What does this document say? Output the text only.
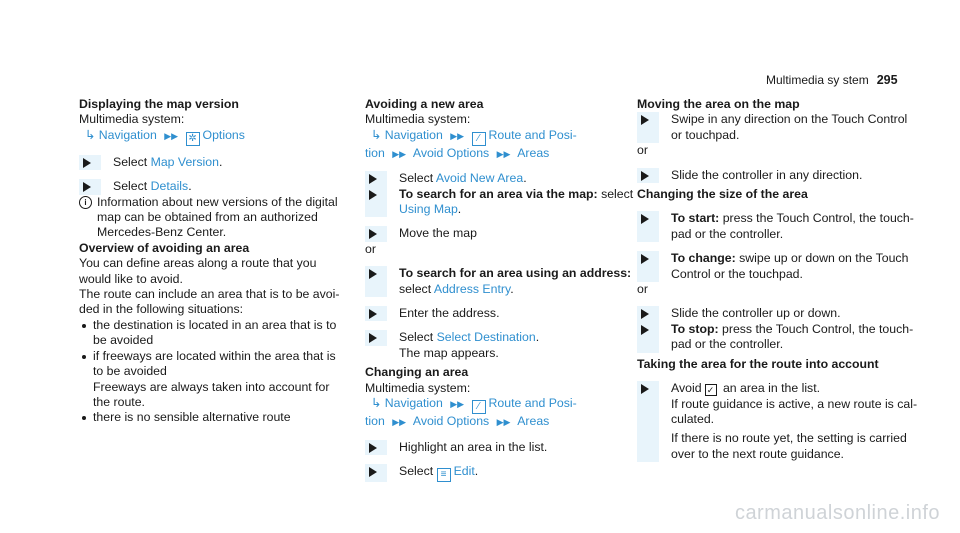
Multimedia sy stem 295
Displaying the map version
Multimedia system:
↳ Navigation ▶▶ ✲ Options
Select Map Version.
Select Details.
i Information about new versions of the digital
map can be obtained from an authorized
Mercedes-Benz Center.
Overview of avoiding an area
You can define areas along a route that you
would like to avoid.
The route can include an area that is to be avoi-
ded in the following situations:
the destination is located in an area that is to
be avoided
if freeways are located within the area that is
to be avoided
Freeways are always taken into account for
the route.
there is no sensible alternative route
Avoiding a new area
Multimedia system:
↳ Navigation ▶▶ ⁄ Route and Posi-
tion ▶▶ Avoid Options ▶▶ Areas
Select Avoid New Area.
To search for an area via the map: select
Using Map.
Move the map
or
To search for an area using an address:
select Address Entry.
Enter the address.
Select Select Destination.
The map appears.
Changing an area
Multimedia system:
↳ Navigation ▶▶ ⁄ Route and Posi-
tion ▶▶ Avoid Options ▶▶ Areas
Highlight an area in the list.
Select ≡ Edit.
Moving the area on the map
Swipe in any direction on the Touch Control
or touchpad.
or
Slide the controller in any direction.
Changing the size of the area
To start: press the Touch Control, the touch-
pad or the controller.
To change: swipe up or down on the Touch
Control or the touchpad.
or
Slide the controller up or down.
To stop: press the Touch Control, the touch-
pad or the controller.
Taking the area for the route into account
Avoid ✓ an area in the list.
If route guidance is active, a new route is cal-
culated.
If there is no route yet, the setting is carried
over to the next route guidance.
carmanualsonline.info
